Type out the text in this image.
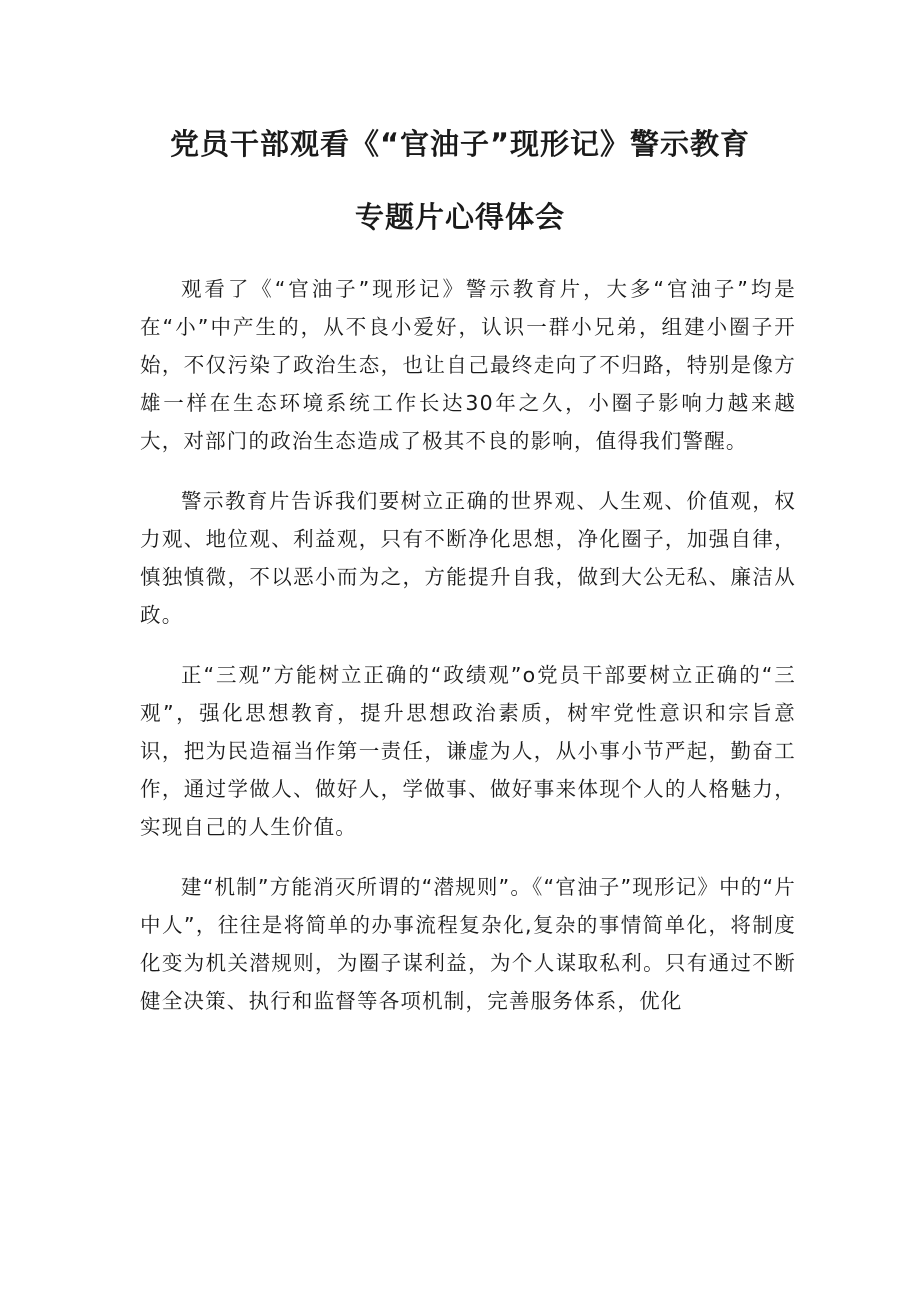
党员干部观看《“官油子”现形记》警示教育
专题片心得体会

观看了《“官油子”现形记》警示教育片，大多“官油子”均是在“小”中产生的，从不良小爱好，认识一群小兄弟，组建小圈子开始，不仅污染了政治生态，也让自己最终走向了不归路，特别是像方雄一样在生态环境系统工作长达30年之久，小圈子影响力越来越大，对部门的政治生态造成了极其不良的影响，值得我们警醒。

警示教育片告诉我们要树立正确的世界观、人生观、价值观，权力观、地位观、利益观，只有不断净化思想，净化圈子，加强自律，慎独慎微，不以恶小而为之，方能提升自我，做到大公无私、廉洁从政。

正“三观”方能树立正确的“政绩观”o党员干部要树立正确的“三观”，强化思想教育，提升思想政治素质，树牢党性意识和宗旨意识，把为民造福当作第一责任，谦虚为人，从小事小节严起，勤奋工作，通过学做人、做好人，学做事、做好事来体现个人的人格魅力，实现自己的人生价值。

建“机制”方能消灭所谓的“潜规则”。《“官油子”现形记》中的“片中人”，往往是将简单的办事流程复杂化,复杂的事情简单化，将制度化变为机关潜规则，为圈子谋利益，为个人谋取私利。只有通过不断健全决策、执行和监督等各项机制，完善服务体系，优化
